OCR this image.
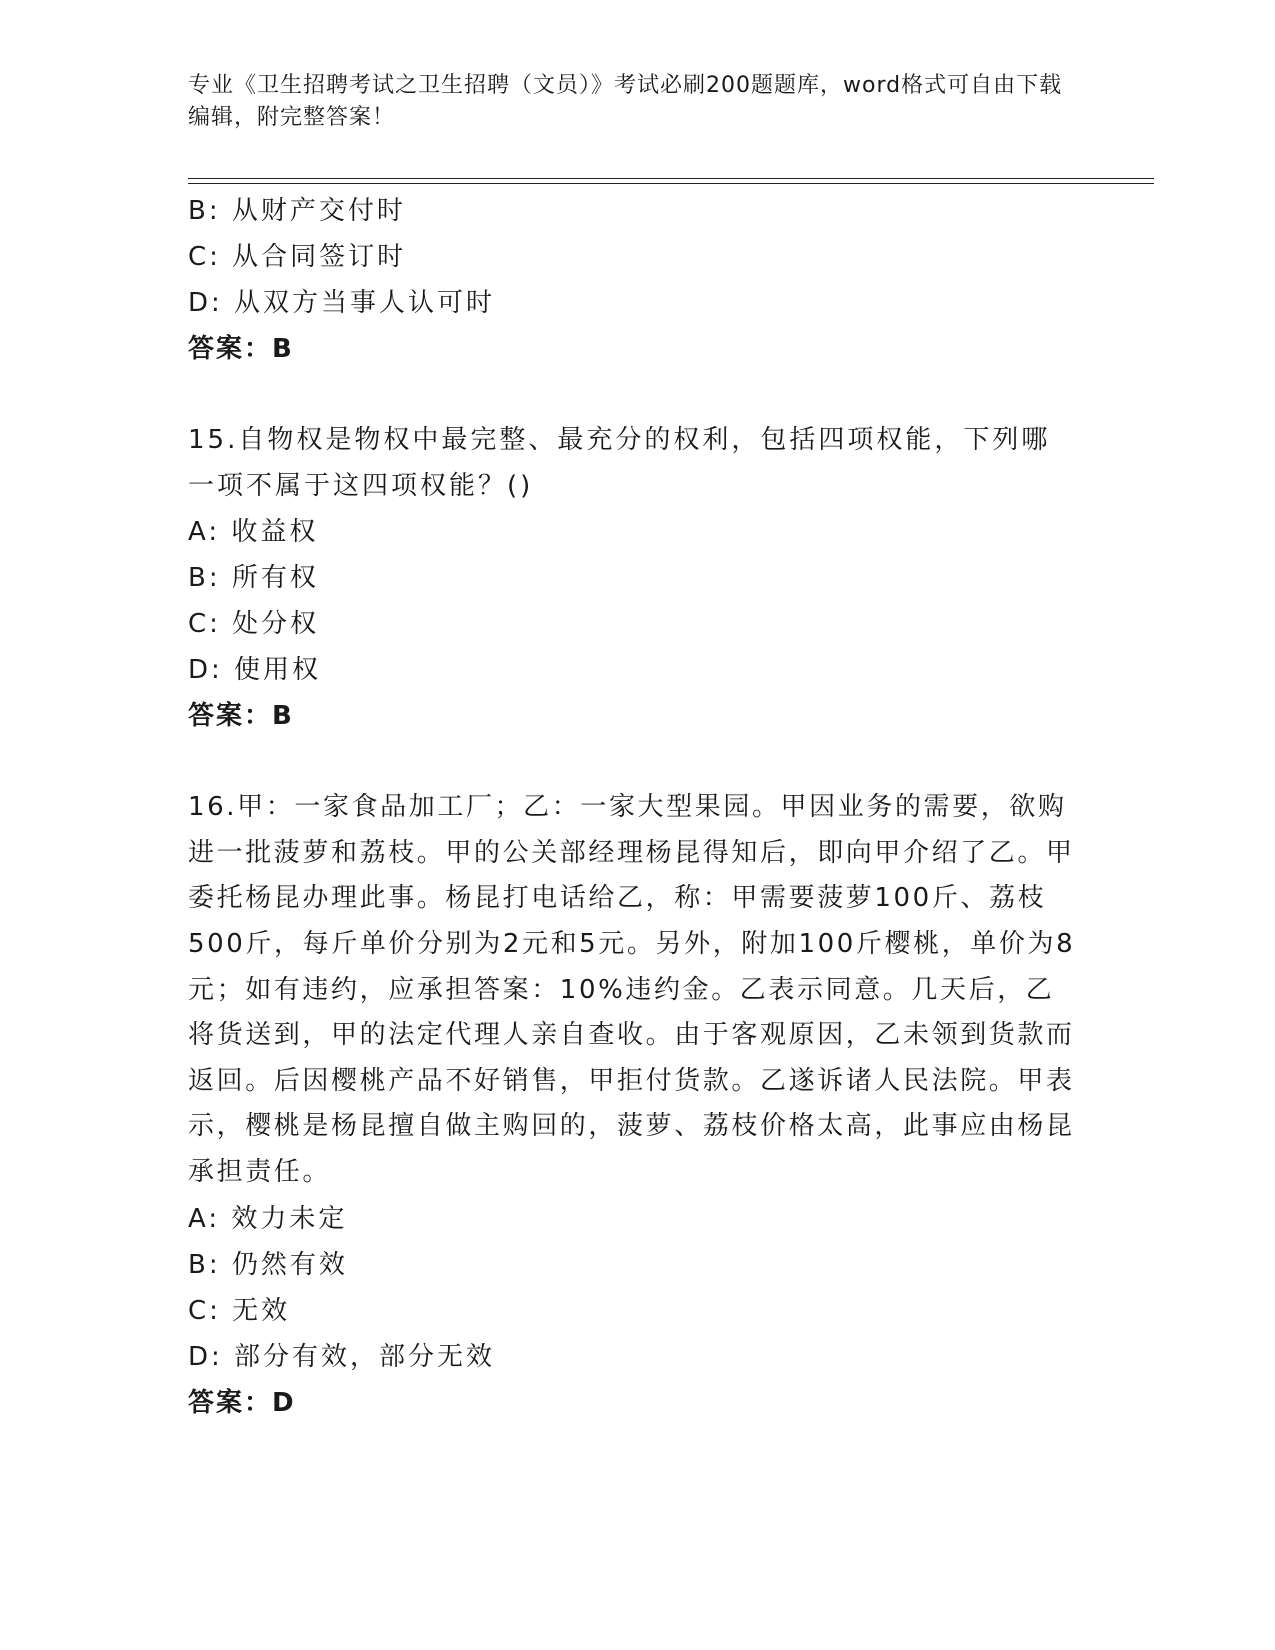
专业《卫生招聘考试之卫生招聘（文员）》考试必刷200题题库，word格式可自由下载编辑，附完整答案！
B: 从财产交付时
C: 从合同签订时
D: 从双方当事人认可时
答案：B
15.自物权是物权中最完整、最充分的权利，包括四项权能，下列哪一项不属于这四项权能？()
A: 收益权
B: 所有权
C: 处分权
D: 使用权
答案：B
16.甲：一家食品加工厂；乙：一家大型果园。甲因业务的需要，欲购进一批菠萝和荔枝。甲的公关部经理杨昆得知后，即向甲介绍了乙。甲委托杨昆办理此事。杨昆打电话给乙，称：甲需要菠萝100斤、荔枝500斤，每斤单价分别为2元和5元。另外，附加100斤樱桃，单价为8元；如有违约，应承担答案：10%违约金。乙表示同意。几天后，乙将货送到，甲的法定代理人亲自查收。由于客观原因，乙未领到货款而返回。后因樱桃产品不好销售，甲拒付货款。乙遂诉诸人民法院。甲表示，樱桃是杨昆擅自做主购回的，菠萝、荔枝价格太高，此事应由杨昆承担责任。
A: 效力未定
B: 仍然有效
C: 无效
D: 部分有效，部分无效
答案：D
